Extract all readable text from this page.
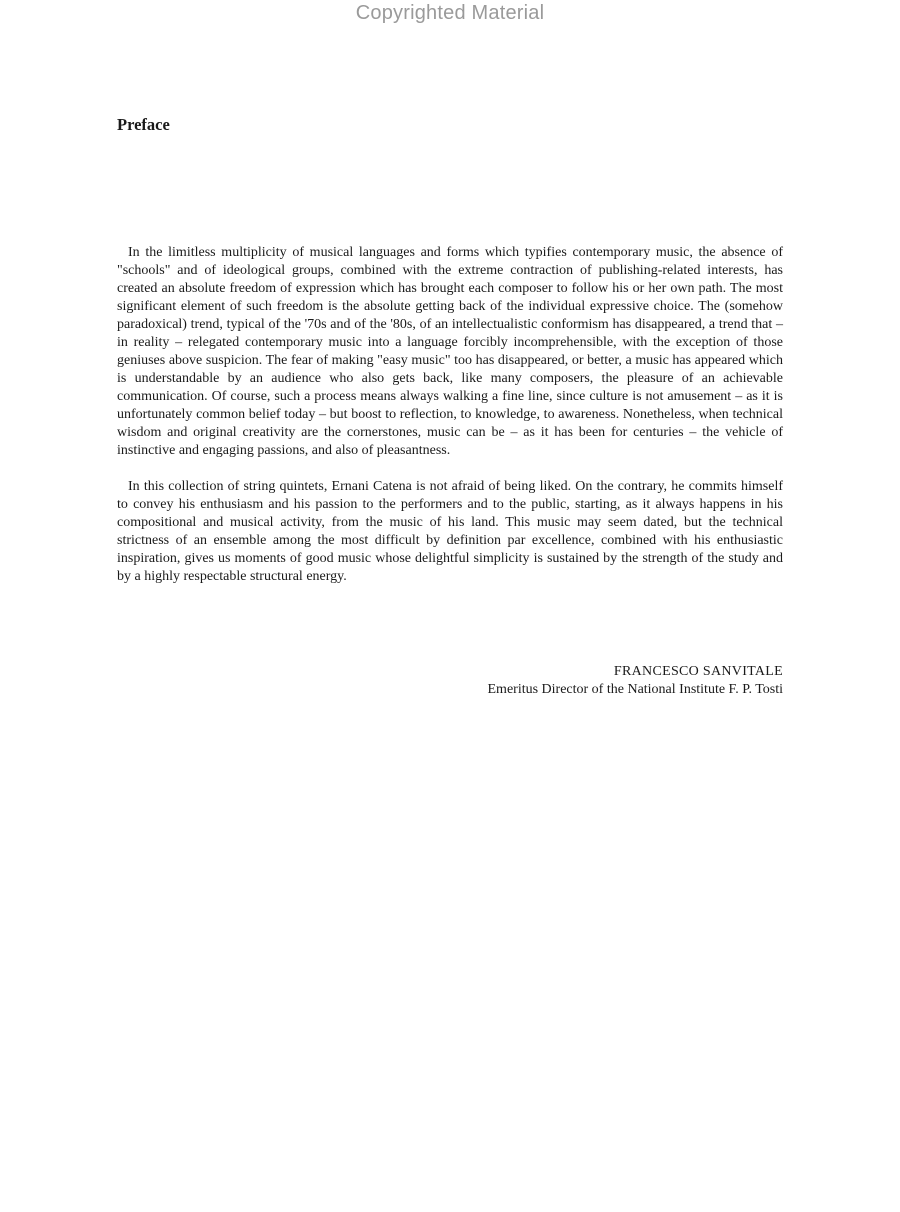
Copyrighted Material
Preface

In the limitless multiplicity of musical languages and forms which typifies contemporary music, the absence of "schools" and of ideological groups, combined with the extreme contraction of publishing-related interests, has created an absolute freedom of expression which has brought each composer to follow his or her own path. The most significant element of such freedom is the absolute getting back of the individual expressive choice. The (somehow paradoxical) trend, typical of the '70s and of the '80s, of an intellectualistic conformism has disappeared, a trend that – in reality – relegated contemporary music into a language forcibly incomprehensible, with the exception of those geniuses above suspicion. The fear of making "easy music" too has disappeared, or better, a music has appeared which is understandable by an audience who also gets back, like many composers, the pleasure of an achievable communication. Of course, such a process means always walking a fine line, since culture is not amusement – as it is unfortunately common belief today – but boost to reflection, to knowledge, to awareness. Nonetheless, when technical wisdom and original creativity are the cornerstones, music can be – as it has been for centuries – the vehicle of instinctive and engaging passions, and also of pleasantness.

In this collection of string quintets, Ernani Catena is not afraid of being liked. On the contrary, he commits himself to convey his enthusiasm and his passion to the performers and to the public, starting, as it always happens in his compositional and musical activity, from the music of his land. This music may seem dated, but the technical strictness of an ensemble among the most difficult by definition par excellence, combined with his enthusiastic inspiration, gives us moments of good music whose delightful simplicity is sustained by the strength of the study and by a highly respectable structural energy.

FRANCESCO SANVITALE
Emeritus Director of the National Institute F. P. Tosti
